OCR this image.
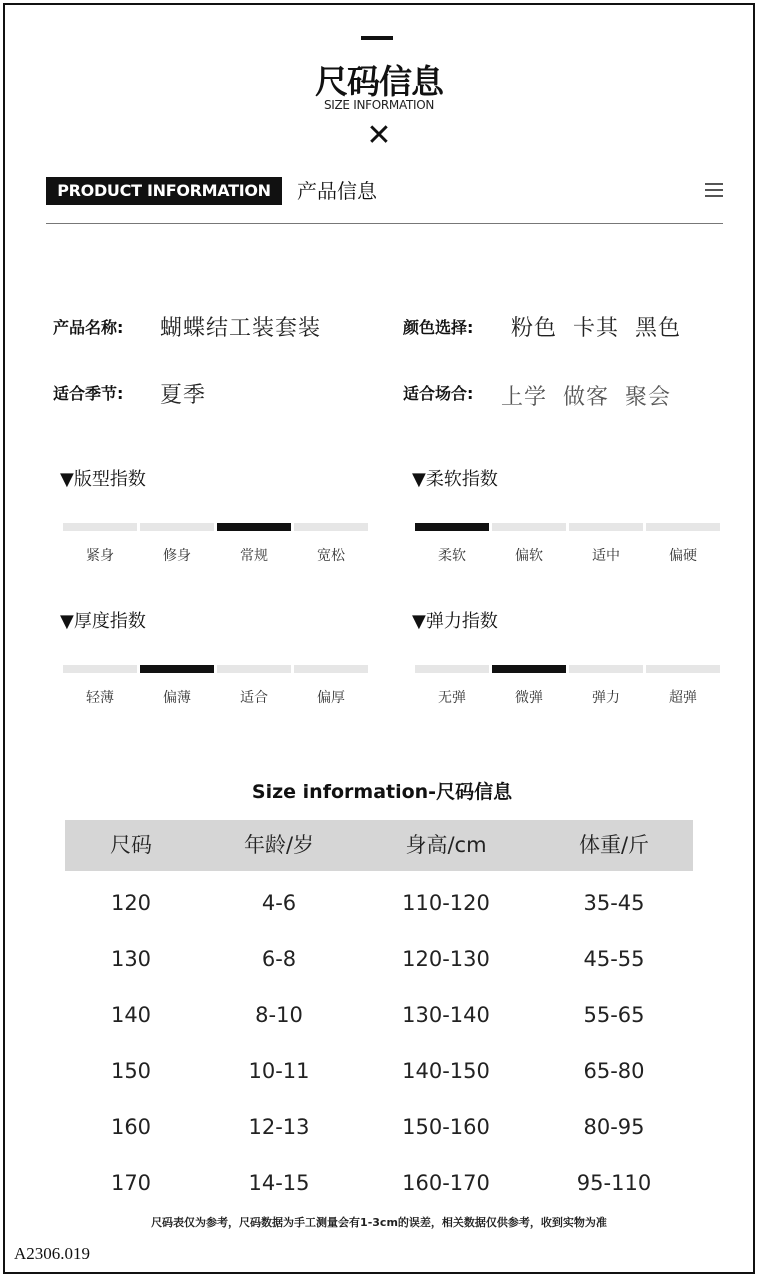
尺码信息
SIZE INFORMATION
✕
PRODUCT INFORMATION	产品信息
产品名称: 蝴蝶结工装套装	颜色选择: 粉色  卡其  黑色
适合季节: 夏季	适合场合: 上学  做客  聚会
▼版型指数
紧身	修身	常规	宽松
▼柔软指数
柔软	偏软	适中	偏硬
▼厚度指数
轻薄	偏薄	适合	偏厚
▼弹力指数
无弹	微弹	弹力	超弹
Size information-尺码信息
尺码	年龄/岁	身高/cm	体重/斤
120	4-6	110-120	35-45
130	6-8	120-130	45-55
140	8-10	130-140	55-65
150	10-11	140-150	65-80
160	12-13	150-160	80-95
170	14-15	160-170	95-110
尺码表仅为参考，尺码数据为手工测量会有1-3cm的误差，相关数据仅供参考，收到实物为准
A2306.019
